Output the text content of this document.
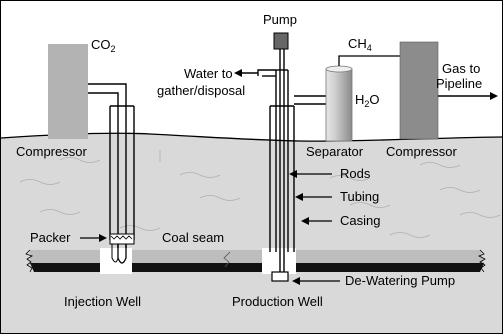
$CO_2$
Compressor
Pump
Water to
gather/disposal
$CH_4$
$H_2O$
Gas to
Pipeline
Separator Compressor
Rods
Tubing
Casing
Packer	Coal seam
De-Watering Pump
Injection Well	Production Well
